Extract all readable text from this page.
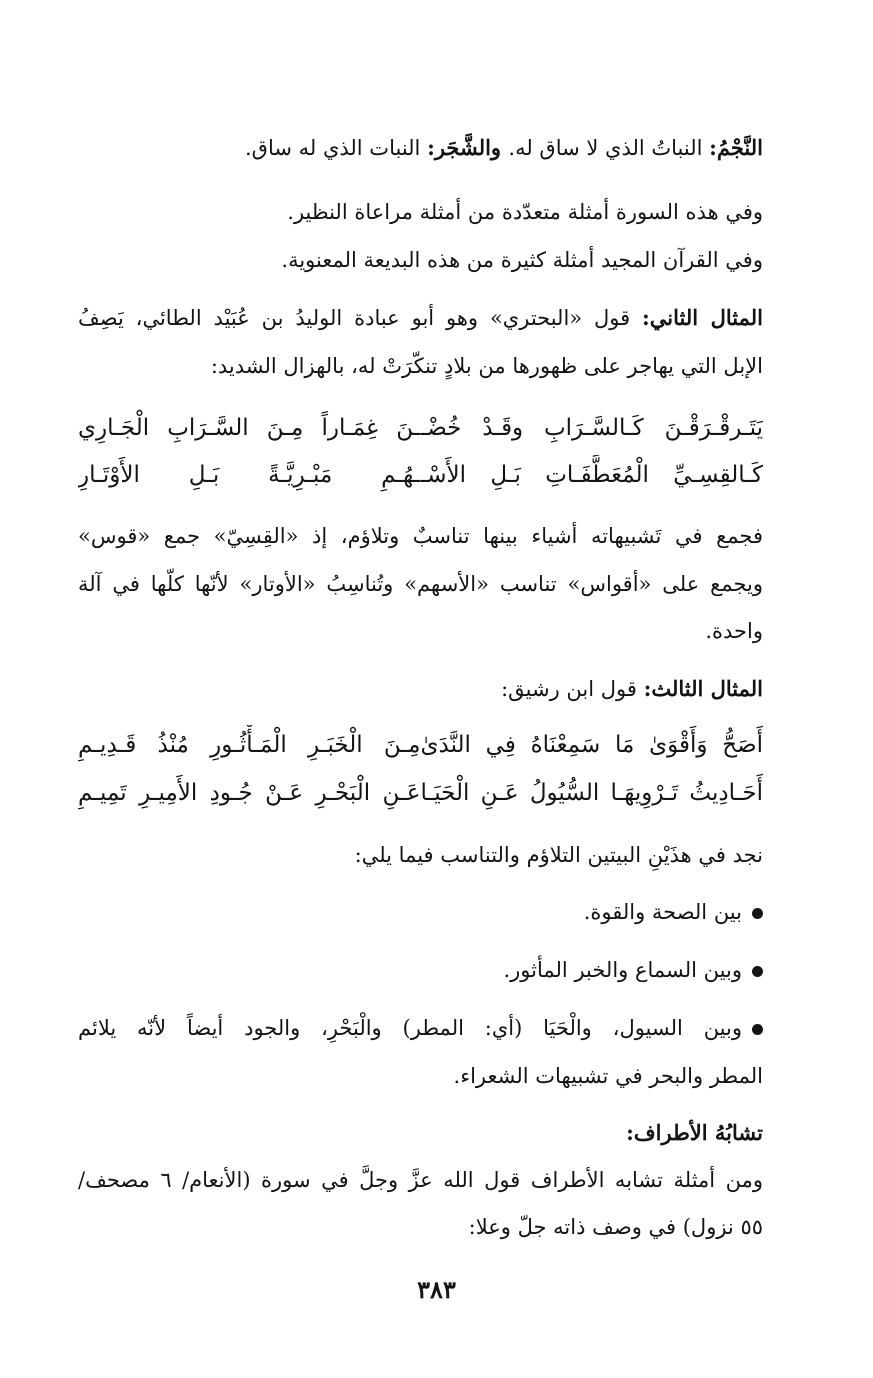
النَّجْمُ: النباتُ الذي لا ساق له. والشَّجَر: النبات الذي له ساق.
وفي هذه السورة أمثلة متعدّدة من أمثلة مراعاة النظير.
وفي القرآن المجيد أمثلة كثيرة من هذه البديعة المعنوية.
المثال الثاني: قول «البحتري» وهو أبو عبادة الوليدُ بن عُبَيْد الطائي، يَصِفُ
الإبل التي يهاجر على ظهورها من بلادٍ تنكّرَتْ له، بالهزال الشديد:
يَتَـرقْـرَقْـنَ كَـالسَّـرَابِ وقَـدْ خُضْـ
ـنَ غِمَـاراً مِـنَ السَّـرَابِ الْجَـارِي
كَـالقِسِـيِّ الْمُعَطَّفَـاتِ بَـلِ الأَسْـ
ـهُـمِ مَبْـرِيَّـةً بَـلِ الأَوْتَـارِ
فجمع في تَشبيهاته أشياء بينها تناسبٌ وتلاؤم، إذ «القِسِيّ» جمع «قوس»
ويجمع على «أقواس» تناسب «الأسهم» وتُناسِبُ «الأوتار» لأنّها كلّها في آلة
واحدة.
المثال الثالث: قول ابن رشيق:
أَصَحُّ وَأَقْوَىٰ مَا سَمِعْنَاهُ فِي النَّدَىٰ
مِـنَ الْخَبَـرِ الْمَـأْثُـورِ مُنْذُ قَـدِيـمِ
أَحَـادِيثُ تَـرْوِيهَـا السُّيُولُ عَـنِ الْحَيَـا
عَـنِ الْبَحْـرِ عَـنْ جُـودِ الأَمِيـرِ تَمِيـمِ
نجد في هذَيْنِ البيتين التلاؤم والتناسب فيما يلي:
بين الصحة والقوة.
وبين السماع والخبر المأثور.
وبين السيول، والْحَيَا (أي: المطر) والْبَحْرِ، والجود أيضاً لأنّه يلائم
المطر والبحر في تشبيهات الشعراء.
تشابُهُ الأطراف:
ومن أمثلة تشابه الأطراف قول الله عزَّ وجلَّ في سورة (الأنعام/ ٦ مصحف/
٥٥ نزول) في وصف ذاته جلّ وعلا:
٣٨٣
